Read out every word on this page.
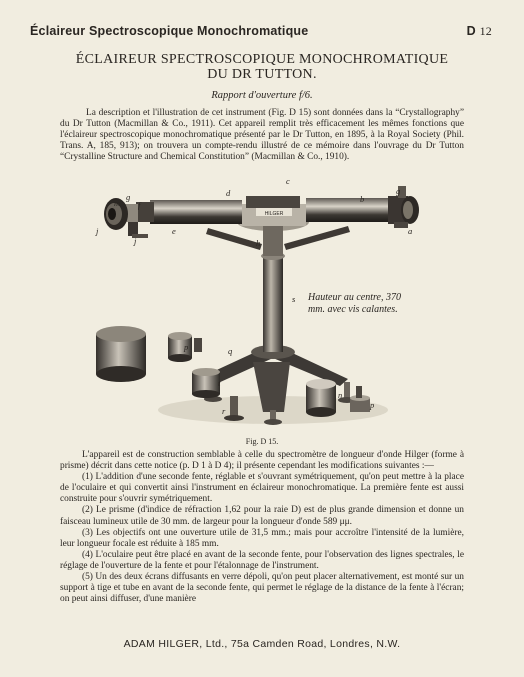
Éclaireur Spectroscopique Monochromatique	D 12
ÉCLAIREUR SPECTROSCOPIQUE MONOCHROMATIQUE
DU DR TUTTON.
Rapport d'ouverture f/6.
La description et l'illustration de cet instrument (Fig. D 15) sont données dans la “Crystallography” du Dr Tutton (Macmillan & Co., 1911). Cet appareil remplit très efficacement les mêmes fonctions que l'éclaireur spectroscopique monochromatique présenté par le Dr Tutton, en 1895, à la Royal Society (Phil. Trans. A, 185, 913); on trouvera un compte-rendu illustré de ce mémoire dans l'ouvrage du Dr Tutton “Crystalline Structure and Chemical Constitution” (Macmillan & Co., 1910).
HILGER
g
m f
d
c
b
g
a
j
j
e
h
s
p	q
t
r
n
p
Hauteur au centre, 370
mm. avec vis calantes.
Fig. D 15.
L'appareil est de construction semblable à celle du spectromètre de longueur d'onde Hilger (forme à prisme) décrit dans cette notice (p. D 1 à D 4); il présente cependant les modifications suivantes :—
(1) L'addition d'une seconde fente, réglable et s'ouvrant symétriquement, qu'on peut mettre à la place de l'oculaire et qui convertit ainsi l'instrument en éclaireur monochromatique. La première fente est aussi construite pour s'ouvrir symétriquement.
(2) Le prisme (d'indice de réfraction 1,62 pour la raie D) est de plus grande dimension et donne un faisceau lumineux utile de 30 mm. de largeur pour la longueur d'onde 589 μμ.
(3) Les objectifs ont une ouverture utile de 31,5 mm.; mais pour accroître l'intensité de la lumière, leur longueur focale est réduite à 185 mm.
(4) L'oculaire peut être placé en avant de la seconde fente, pour l'observation des lignes spectrales, le réglage de l'ouverture de la fente et pour l'étalonnage de l'instrument.
(5) Un des deux écrans diffusants en verre dépoli, qu'on peut placer alternativement, est monté sur un support à tige et tube en avant de la seconde fente, qui permet le réglage de la distance de la fente à l'écran; on peut ainsi diffuser, d'une manière
ADAM HILGER, Ltd., 75a Camden Road, Londres, N.W.
